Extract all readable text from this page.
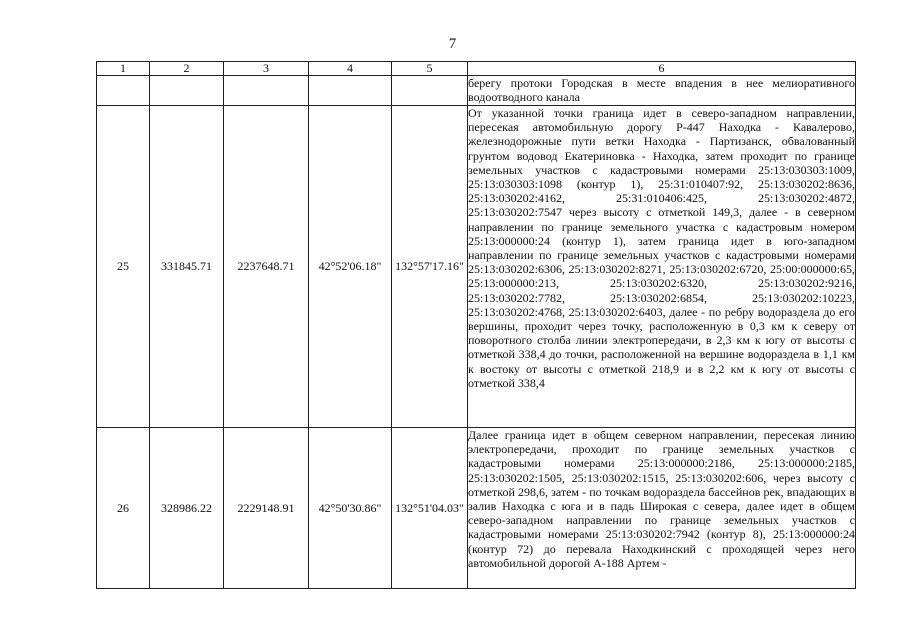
7
1	2	3	4	5	6

					берегу протоки Городская в месте впадения в нее мелиоративного водоотводного канала

25	331845.71	2237648.71	42°52'06.18"	132°57'17.16"	От указанной точки граница идет в северо-западном направлении, пересекая автомобильную дорогу Р-447 Находка - Кавалерово, железнодорожные пути ветки Находка - Партизанск, обвалованный грунтом водовод Екатериновка - Находка, затем проходит по границе земельных участков с кадастровыми номерами 25:13:030303:1009, 25:13:030303:1098 (контур 1), 25:31:010407:92, 25:13:030202:8636, 25:13:030202:4162, 25:31:010406:425, 25:13:030202:4872, 25:13:030202:7547 через высоту с отметкой 149,3, далее - в северном направлении по границе земельного участка с кадастровым номером 25:13:000000:24 (контур 1), затем граница идет в юго-западном направлении по границе земельных участков с кадастровыми номерами 25:13:030202:6306, 25:13:030202:8271, 25:13:030202:6720, 25:00:000000:65, 25:13:000000:213, 25:13:030202:6320, 25:13:030202:9216, 25:13:030202:7782, 25:13:030202:6854, 25:13:030202:10223, 25:13:030202:4768, 25:13:030202:6403, далее - по ребру водораздела до его вершины, проходит через точку, расположенную в 0,3 км к северу от поворотного столба линии электропередачи, в 2,3 км к югу от высоты с отметкой 338,4 до точки, расположенной на вершине водораздела в 1,1 км к востоку от высоты с отметкой 218,9 и в 2,2 км к югу от высоты с отметкой 338,4

26	328986.22	2229148.91	42°50'30.86"	132°51'04.03"	Далее граница идет в общем северном направлении, пересекая линию электропередачи, проходит по границе земельных участков с кадастровыми номерами 25:13:000000:2186, 25:13:000000:2185, 25:13:030202:1505, 25:13:030202:1515, 25:13:030202:606, через высоту с отметкой 298,6, затем - по точкам водораздела бассейнов рек, впадающих в залив Находка с юга и в падь Широкая с севера, далее идет в общем северо-западном направлении по границе земельных участков с кадастровыми номерами 25:13:030202:7942 (контур 8), 25:13:000000:24 (контур 72) до перевала Находкинский с проходящей через него автомобильной дорогой А-188 Артем -
